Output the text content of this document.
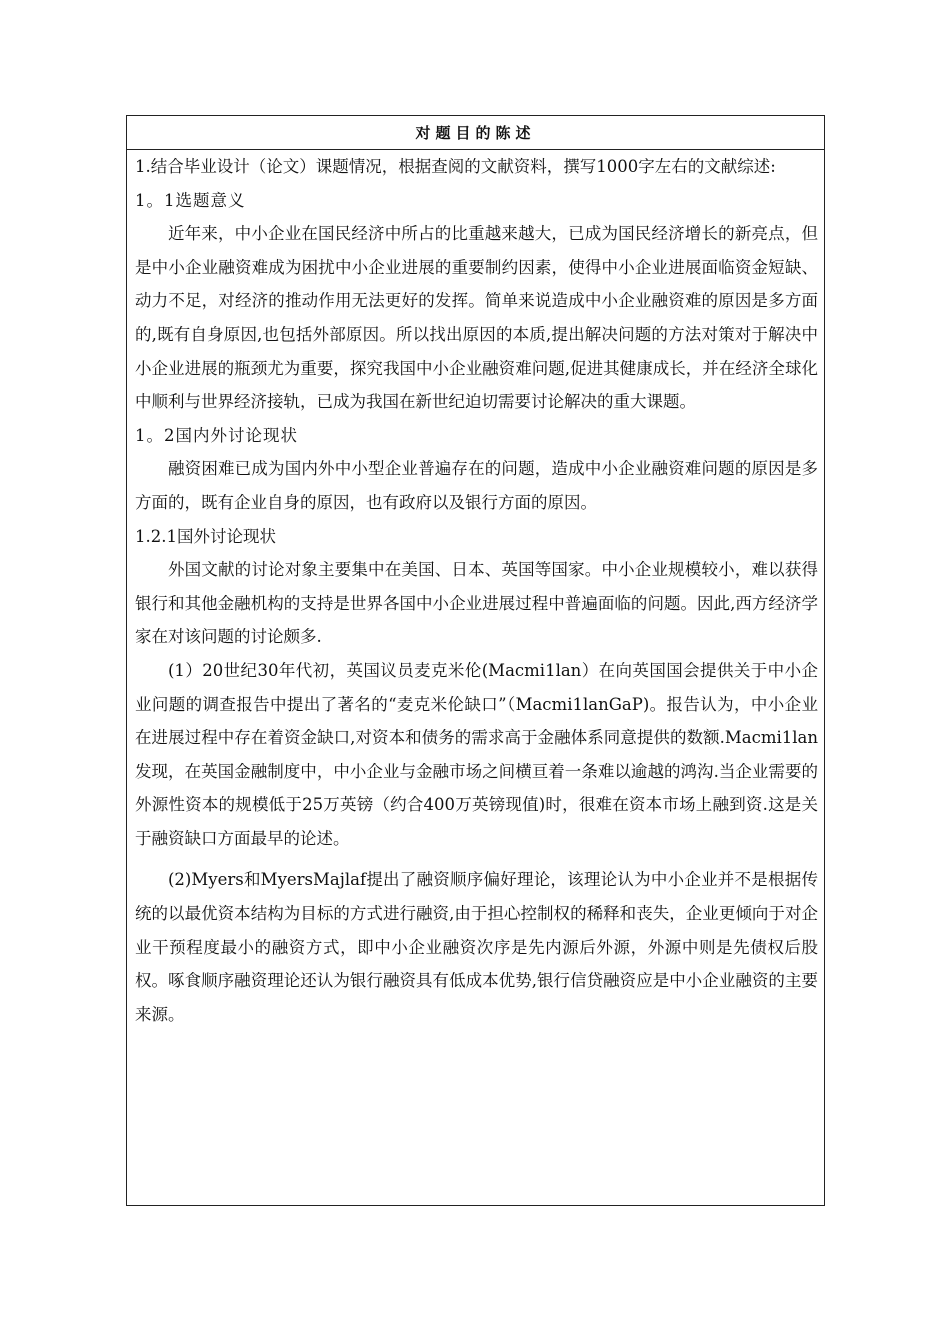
对题目的陈述

1.结合毕业设计（论文）课题情况，根据查阅的文献资料，撰写1000字左右的文献综述:

1。1选题意义

近年来，中小企业在国民经济中所占的比重越来越大，已成为国民经济增长的新亮点，但是中小企业融资难成为困扰中小企业进展的重要制约因素，使得中小企业进展面临资金短缺、动力不足，对经济的推动作用无法更好的发挥。简单来说造成中小企业融资难的原因是多方面的,既有自身原因,也包括外部原因。所以找出原因的本质,提出解决问题的方法对策对于解决中小企业进展的瓶颈尤为重要，探究我国中小企业融资难问题,促进其健康成长，并在经济全球化中顺利与世界经济接轨，已成为我国在新世纪迫切需要讨论解决的重大课题。

1。2国内外讨论现状

融资困难已成为国内外中小型企业普遍存在的问题，造成中小企业融资难问题的原因是多方面的，既有企业自身的原因，也有政府以及银行方面的原因。

1.2.1国外讨论现状

外国文献的讨论对象主要集中在美国、日本、英国等国家。中小企业规模较小，难以获得银行和其他金融机构的支持是世界各国中小企业进展过程中普遍面临的问题。因此,西方经济学家在对该问题的讨论颇多.

(1）20世纪30年代初，英国议员麦克米伦(Macmi1lan）在向英国国会提供关于中小企业问题的调查报告中提出了著名的“麦克米伦缺口”（Macmi1lanGaP)。报告认为，中小企业在进展过程中存在着资金缺口,对资本和债务的需求高于金融体系同意提供的数额.Macmi1lan发现，在英国金融制度中，中小企业与金融市场之间横亘着一条难以逾越的鸿沟.当企业需要的外源性资本的规模低于25万英镑（约合400万英镑现值)时，很难在资本市场上融到资.这是关于融资缺口方面最早的论述。

(2)Myers和MyersMajlaf提出了融资顺序偏好理论，该理论认为中小企业并不是根据传统的以最优资本结构为目标的方式进行融资,由于担心控制权的稀释和丧失，企业更倾向于对企业干预程度最小的融资方式，即中小企业融资次序是先内源后外源，外源中则是先债权后股权。啄食顺序融资理论还认为银行融资具有低成本优势,银行信贷融资应是中小企业融资的主要来源。
